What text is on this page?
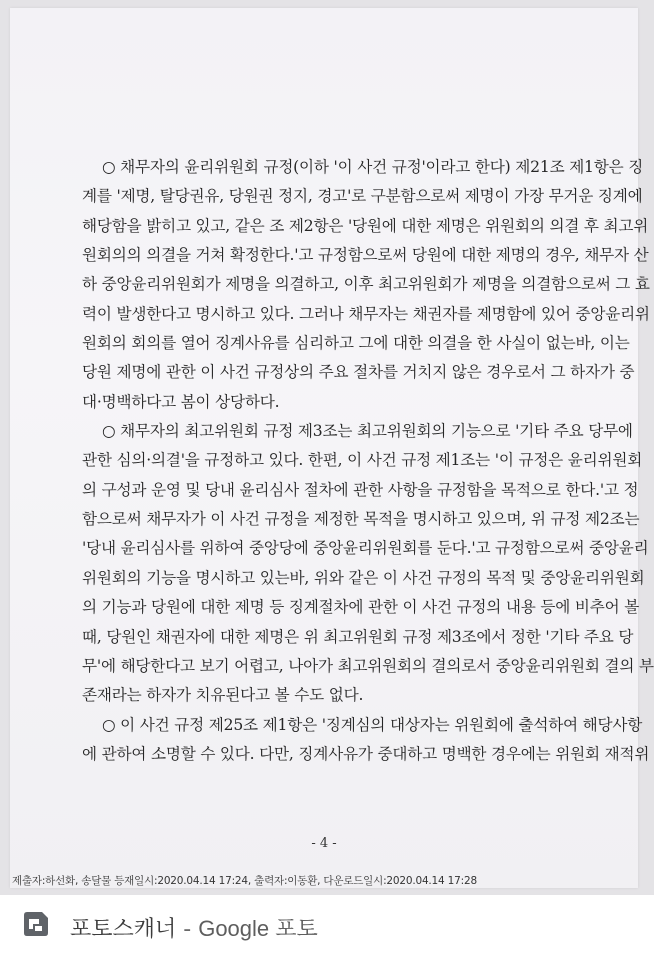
○ 채무자의 윤리위원회 규정(이하 '이 사건 규정'이라고 한다) 제21조 제1항은 징
계를 '제명, 탈당권유, 당원권 정지, 경고'로 구분함으로써 제명이 가장 무거운 징계에
해당함을 밝히고 있고, 같은 조 제2항은 '당원에 대한 제명은 위원회의 의결 후 최고위
원회의의 의결을 거쳐 확정한다.'고 규정함으로써 당원에 대한 제명의 경우, 채무자 산
하 중앙윤리위원회가 제명을 의결하고, 이후 최고위원회가 제명을 의결함으로써 그 효
력이 발생한다고 명시하고 있다. 그러나 채무자는 채권자를 제명함에 있어 중앙윤리위
원회의 회의를 열어 징계사유를 심리하고 그에 대한 의결을 한 사실이 없는바, 이는
당원 제명에 관한 이 사건 규정상의 주요 절차를 거치지 않은 경우로서 그 하자가 중
대·명백하다고 봄이 상당하다.
○ 채무자의 최고위원회 규정 제3조는 최고위원회의 기능으로 '기타 주요 당무에
관한 심의·의결'을 규정하고 있다. 한편, 이 사건 규정 제1조는 '이 규정은 윤리위원회
의 구성과 운영 및 당내 윤리심사 절차에 관한 사항을 규정함을 목적으로 한다.'고 정
함으로써 채무자가 이 사건 규정을 제정한 목적을 명시하고 있으며, 위 규정 제2조는
'당내 윤리심사를 위하여 중앙당에 중앙윤리위원회를 둔다.'고 규정함으로써 중앙윤리
위원회의 기능을 명시하고 있는바, 위와 같은 이 사건 규정의 목적 및 중앙윤리위원회
의 기능과 당원에 대한 제명 등 징계절차에 관한 이 사건 규정의 내용 등에 비추어 볼
때, 당원인 채권자에 대한 제명은 위 최고위원회 규정 제3조에서 정한 '기타 주요 당
무'에 해당한다고 보기 어렵고, 나아가 최고위원회의 결의로서 중앙윤리위원회 결의 부
존재라는 하자가 치유된다고 볼 수도 없다.
○ 이 사건 규정 제25조 제1항은 '징계심의 대상자는 위원회에 출석하여 해당사항
에 관하여 소명할 수 있다. 다만, 징계사유가 중대하고 명백한 경우에는 위원회 재적위
- 4 -
제출자:하선화, 송달물 등재일시:2020.04.14 17:24, 출력자:이동환, 다운로드일시:2020.04.14 17:28
포토스캐너 - Google 포토
